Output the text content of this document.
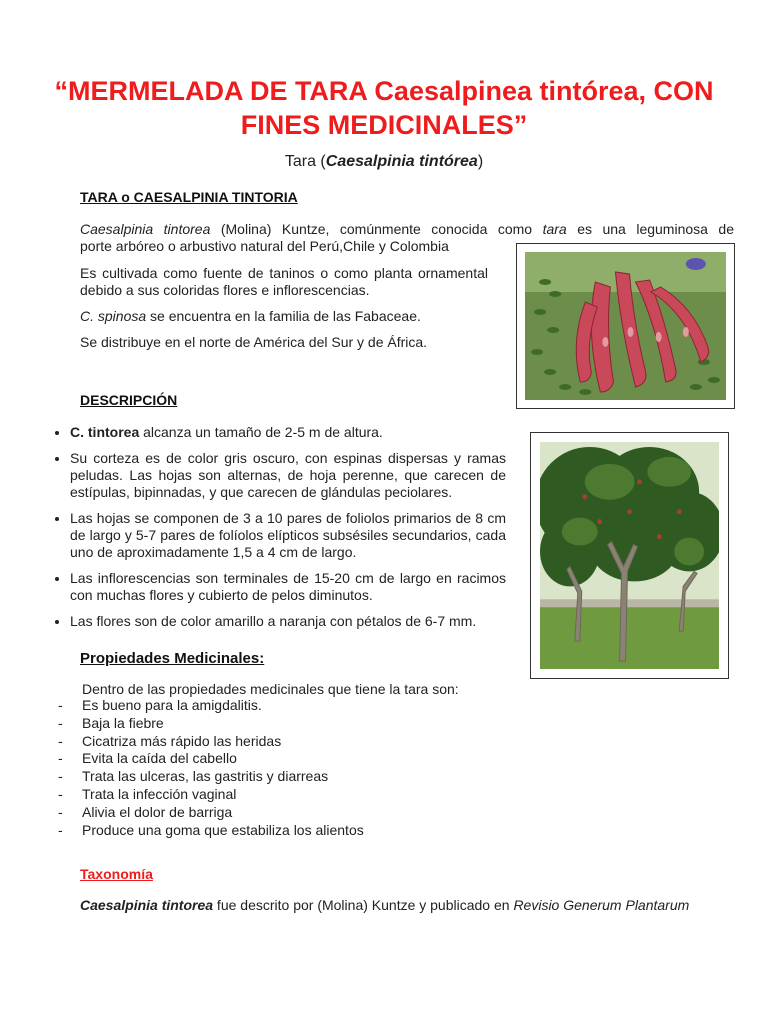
“MERMELADA DE TARA Caesalpinea tintórea, CON FINES MEDICINALES”
Tara (Caesalpinia tintórea)
TARA o CAESALPINIA TINTORIA

Caesalpinia tintorea (Molina) Kuntze, comúnmente conocida como tara es una leguminosa de

porte arbóreo o arbustivo natural del Perú,Chile y Colombia

Es cultivada como fuente de taninos o como planta ornamental debido a sus coloridas flores e inflorescencias.

C. spinosa se encuentra en la familia de las Fabaceae.

Se distribuye en el norte de América del Sur y de África.

DESCRIPCIÓN
• C. tintorea alcanza un tamaño de 2-5 m de altura.
• Su corteza es de color gris oscuro, con espinas dispersas y ramas peludas. Las hojas son alternas, de hoja perenne, que carecen de estípulas, bipinnadas, y que carecen de glándulas peciolares.
• Las hojas se componen de 3 a 10 pares de foliolos primarios de 8 cm de largo y 5-7 pares de folíolos elípticos subsésiles secundarios, cada uno de aproximadamente 1,5 a 4 cm de largo.
• Las inflorescencias son terminales de 15-20 cm de largo en racimos con muchas flores y cubierto de pelos diminutos.
• Las flores son de color amarillo a naranja con pétalos de 6-7 mm.
Propiedades Medicinales:

Dentro de las propiedades medicinales que tiene la tara son:

- Es bueno para la amigdalitis.
- Baja la fiebre
- Cicatriza más rápido las heridas
- Evita la caída del cabello
- Trata las ulceras, las gastritis y diarreas
- Trata la infección vaginal
- Alivia el dolor de barriga
- Produce una goma que estabiliza los alientos
Taxonomía

Caesalpinia tintorea fue descrito por (Molina) Kuntze y publicado en Revisio Generum Plantarum
